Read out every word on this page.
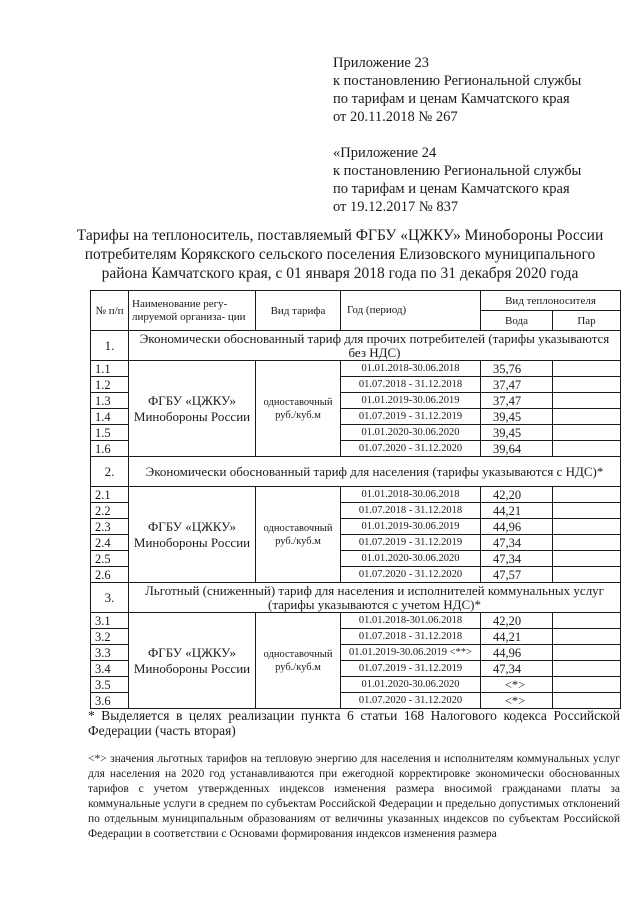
Приложение 23
к постановлению Региональной службы
по тарифам и ценам Камчатского края
от 20.11.2018 № 267
«Приложение 24
к постановлению Региональной службы
по тарифам и ценам Камчатского края
от 19.12.2017 № 837
Тарифы на теплоноситель, поставляемый ФГБУ «ЦЖКУ» Минобороны России
потребителям Корякского сельского поселения Елизовского муниципального
района Камчатского края, с 01 января 2018 года по 31 декабря 2020 года
№ п/п	Наименование регу- лируемой организа- ции	Вид тарифа	Год (период)	Вид теплоносителя	
				Вода	Пар
1.	Экономически обоснованный тариф для прочих потребителей (тарифы указываются без НДС)				
1.1	ФГБУ «ЦЖКУ» Минобороны России	одноставочный руб./куб.м	01.01.2018-30.06.2018	35,76	
1.2			01.07.2018 - 31.12.2018	37,47	
1.3			01.01.2019-30.06.2019	37,47	
1.4			01.07.2019 - 31.12.2019	39,45	
1.5			01.01.2020-30.06.2020	39,45	
1.6			01.07.2020 - 31.12.2020	39,64	
2.	Экономически обоснованный тариф для населения (тарифы указываются с НДС)*				
2.1	ФГБУ «ЦЖКУ» Минобороны России	одноставочный руб./куб.м	01.01.2018-30.06.2018	42,20	
2.2			01.07.2018 - 31.12.2018	44,21	
2.3			01.01.2019-30.06.2019	44,96	
2.4			01.07.2019 - 31.12.2019	47,34	
2.5			01.01.2020-30.06.2020	47,34	
2.6			01.07.2020 - 31.12.2020	47,57	
3.	Льготный (сниженный) тариф для населения и исполнителей коммунальных услуг (тарифы указываются с учетом НДС)*				
3.1	ФГБУ «ЦЖКУ» Минобороны России	одноставочный руб./куб.м	01.01.2018-301.06.2018	42,20	
3.2			01.07.2018 - 31.12.2018	44,21	
3.3			01.01.2019-30.06.2019 <**>	44,96	
3.4			01.07.2019 - 31.12.2019	47,34	
3.5			01.01.2020-30.06.2020	<*>	
3.6			01.07.2020 - 31.12.2020	<*>	
* Выделяется в целях реализации пункта 6 статьи 168 Налогового кодекса Российской Федерации (часть вторая)
<*> значения льготных тарифов на тепловую энергию для населения и исполнителям коммунальных услуг для населения на 2020 год устанавливаются при ежегодной корректировке экономически обоснованных тарифов с учетом утвержденных индексов изменения размера вносимой гражданами платы за коммунальные услуги в среднем по субъектам Российской Федерации и предельно допустимых отклонений по отдельным муниципальным образованиям от величины указанных индексов по субъектам Российской Федерации в соответствии с Основами формирования индексов изменения размера
